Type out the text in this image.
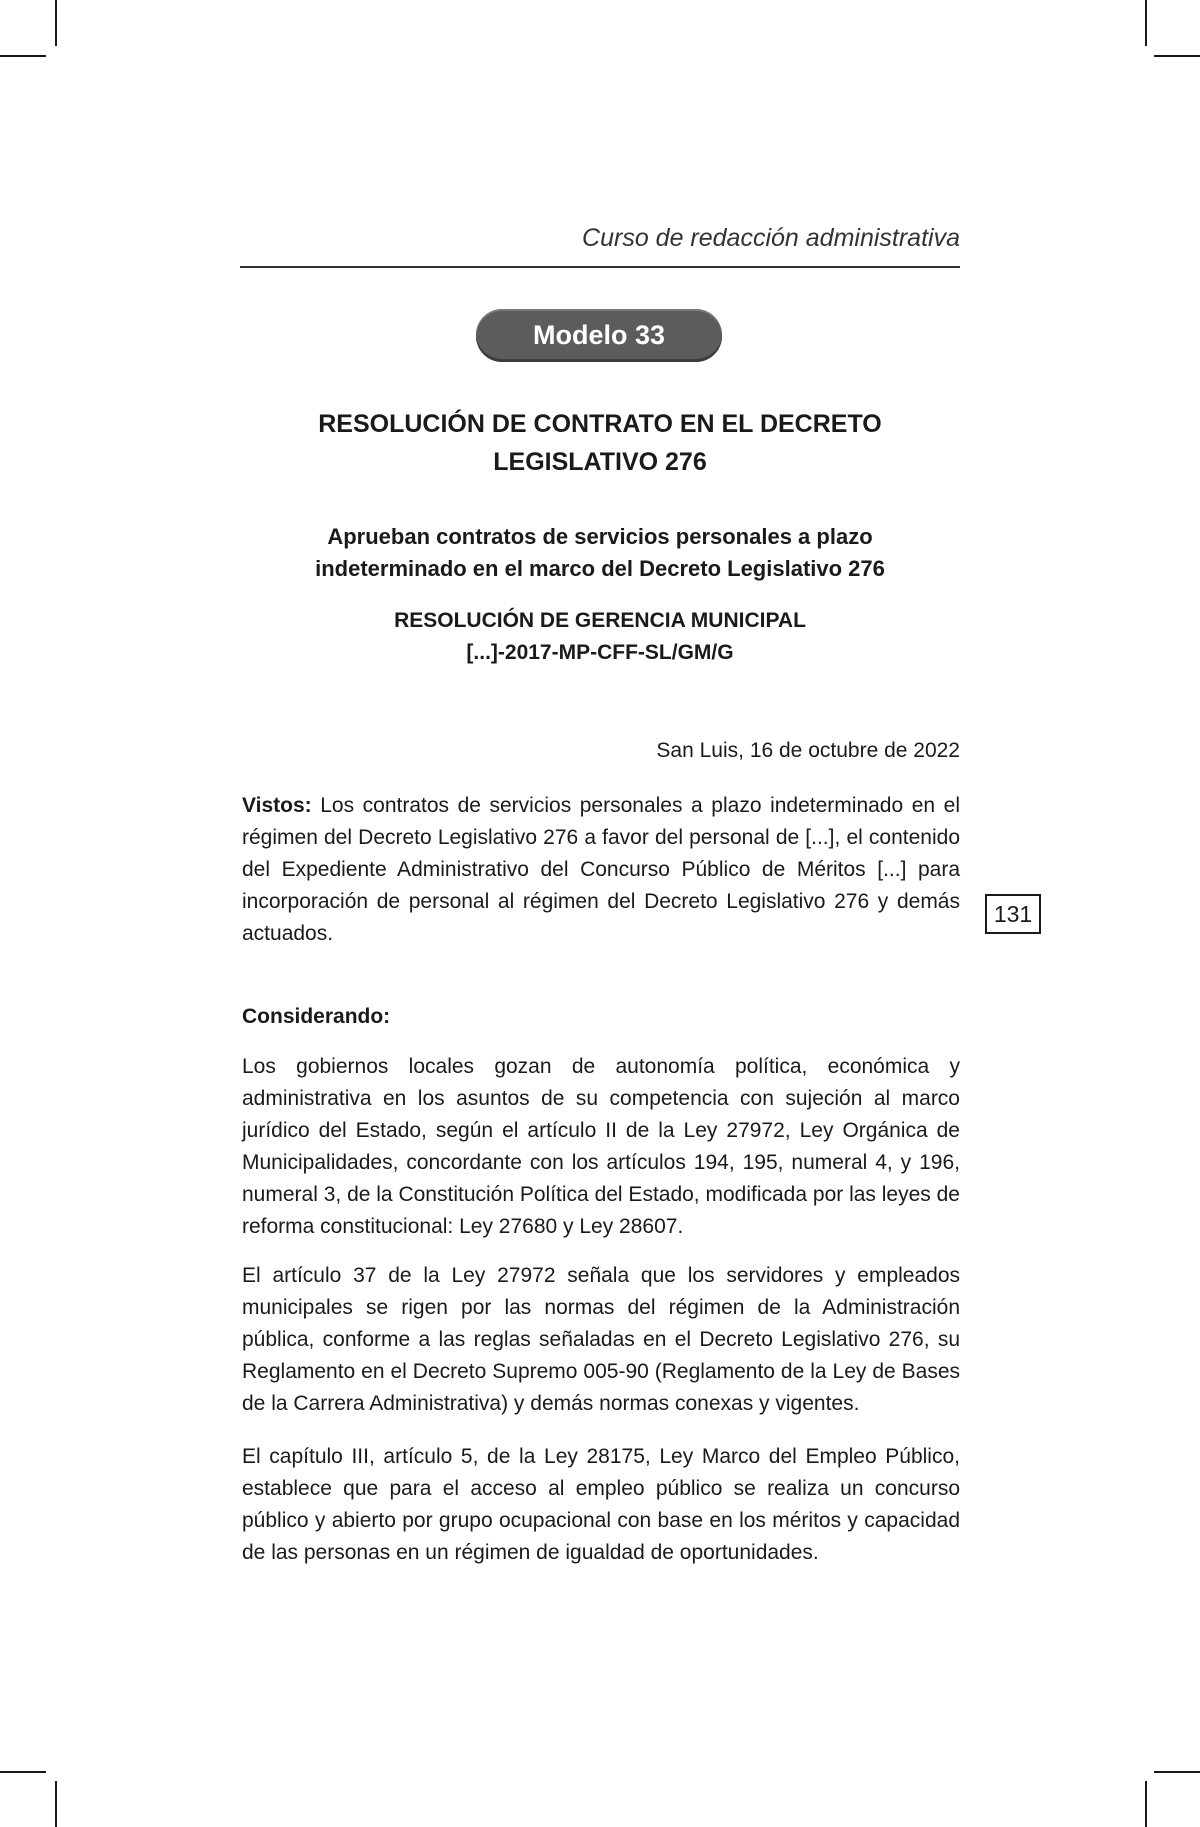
Curso de redacción administrativa
Modelo 33
RESOLUCIÓN DE CONTRATO EN EL DECRETO
LEGISLATIVO 276
Aprueban contratos de servicios personales a plazo
indeterminado en el marco del Decreto Legislativo 276
RESOLUCIÓN DE GERENCIA MUNICIPAL
[...]-2017-MP-CFF-SL/GM/G
San Luis, 16 de octubre de 2022
Vistos: Los contratos de servicios personales a plazo indeterminado en el régimen del Decreto Legislativo 276 a favor del personal de [...], el contenido del Expediente Administrativo del Concurso Público de Méritos [...] para incorporación de personal al régimen del Decreto Legislativo 276 y demás actuados.
131
Considerando:
Los gobiernos locales gozan de autonomía política, económica y administrativa en los asuntos de su competencia con sujeción al marco jurídico del Estado, según el artículo II de la Ley 27972, Ley Orgánica de Municipalidades, concordante con los artículos 194, 195, numeral 4, y 196, numeral 3, de la Constitución Política del Estado, modificada por las leyes de reforma constitucional: Ley 27680 y Ley 28607.
El artículo 37 de la Ley 27972 señala que los servidores y empleados municipales se rigen por las normas del régimen de la Administración pública, conforme a las reglas señaladas en el Decreto Legislativo 276, su Reglamento en el Decreto Supremo 005-90 (Reglamento de la Ley de Bases de la Carrera Administrativa) y demás normas conexas y vigentes.
El capítulo III, artículo 5, de la Ley 28175, Ley Marco del Empleo Público, establece que para el acceso al empleo público se realiza un concurso público y abierto por grupo ocupacional con base en los méritos y capacidad de las personas en un régimen de igualdad de oportunidades.
